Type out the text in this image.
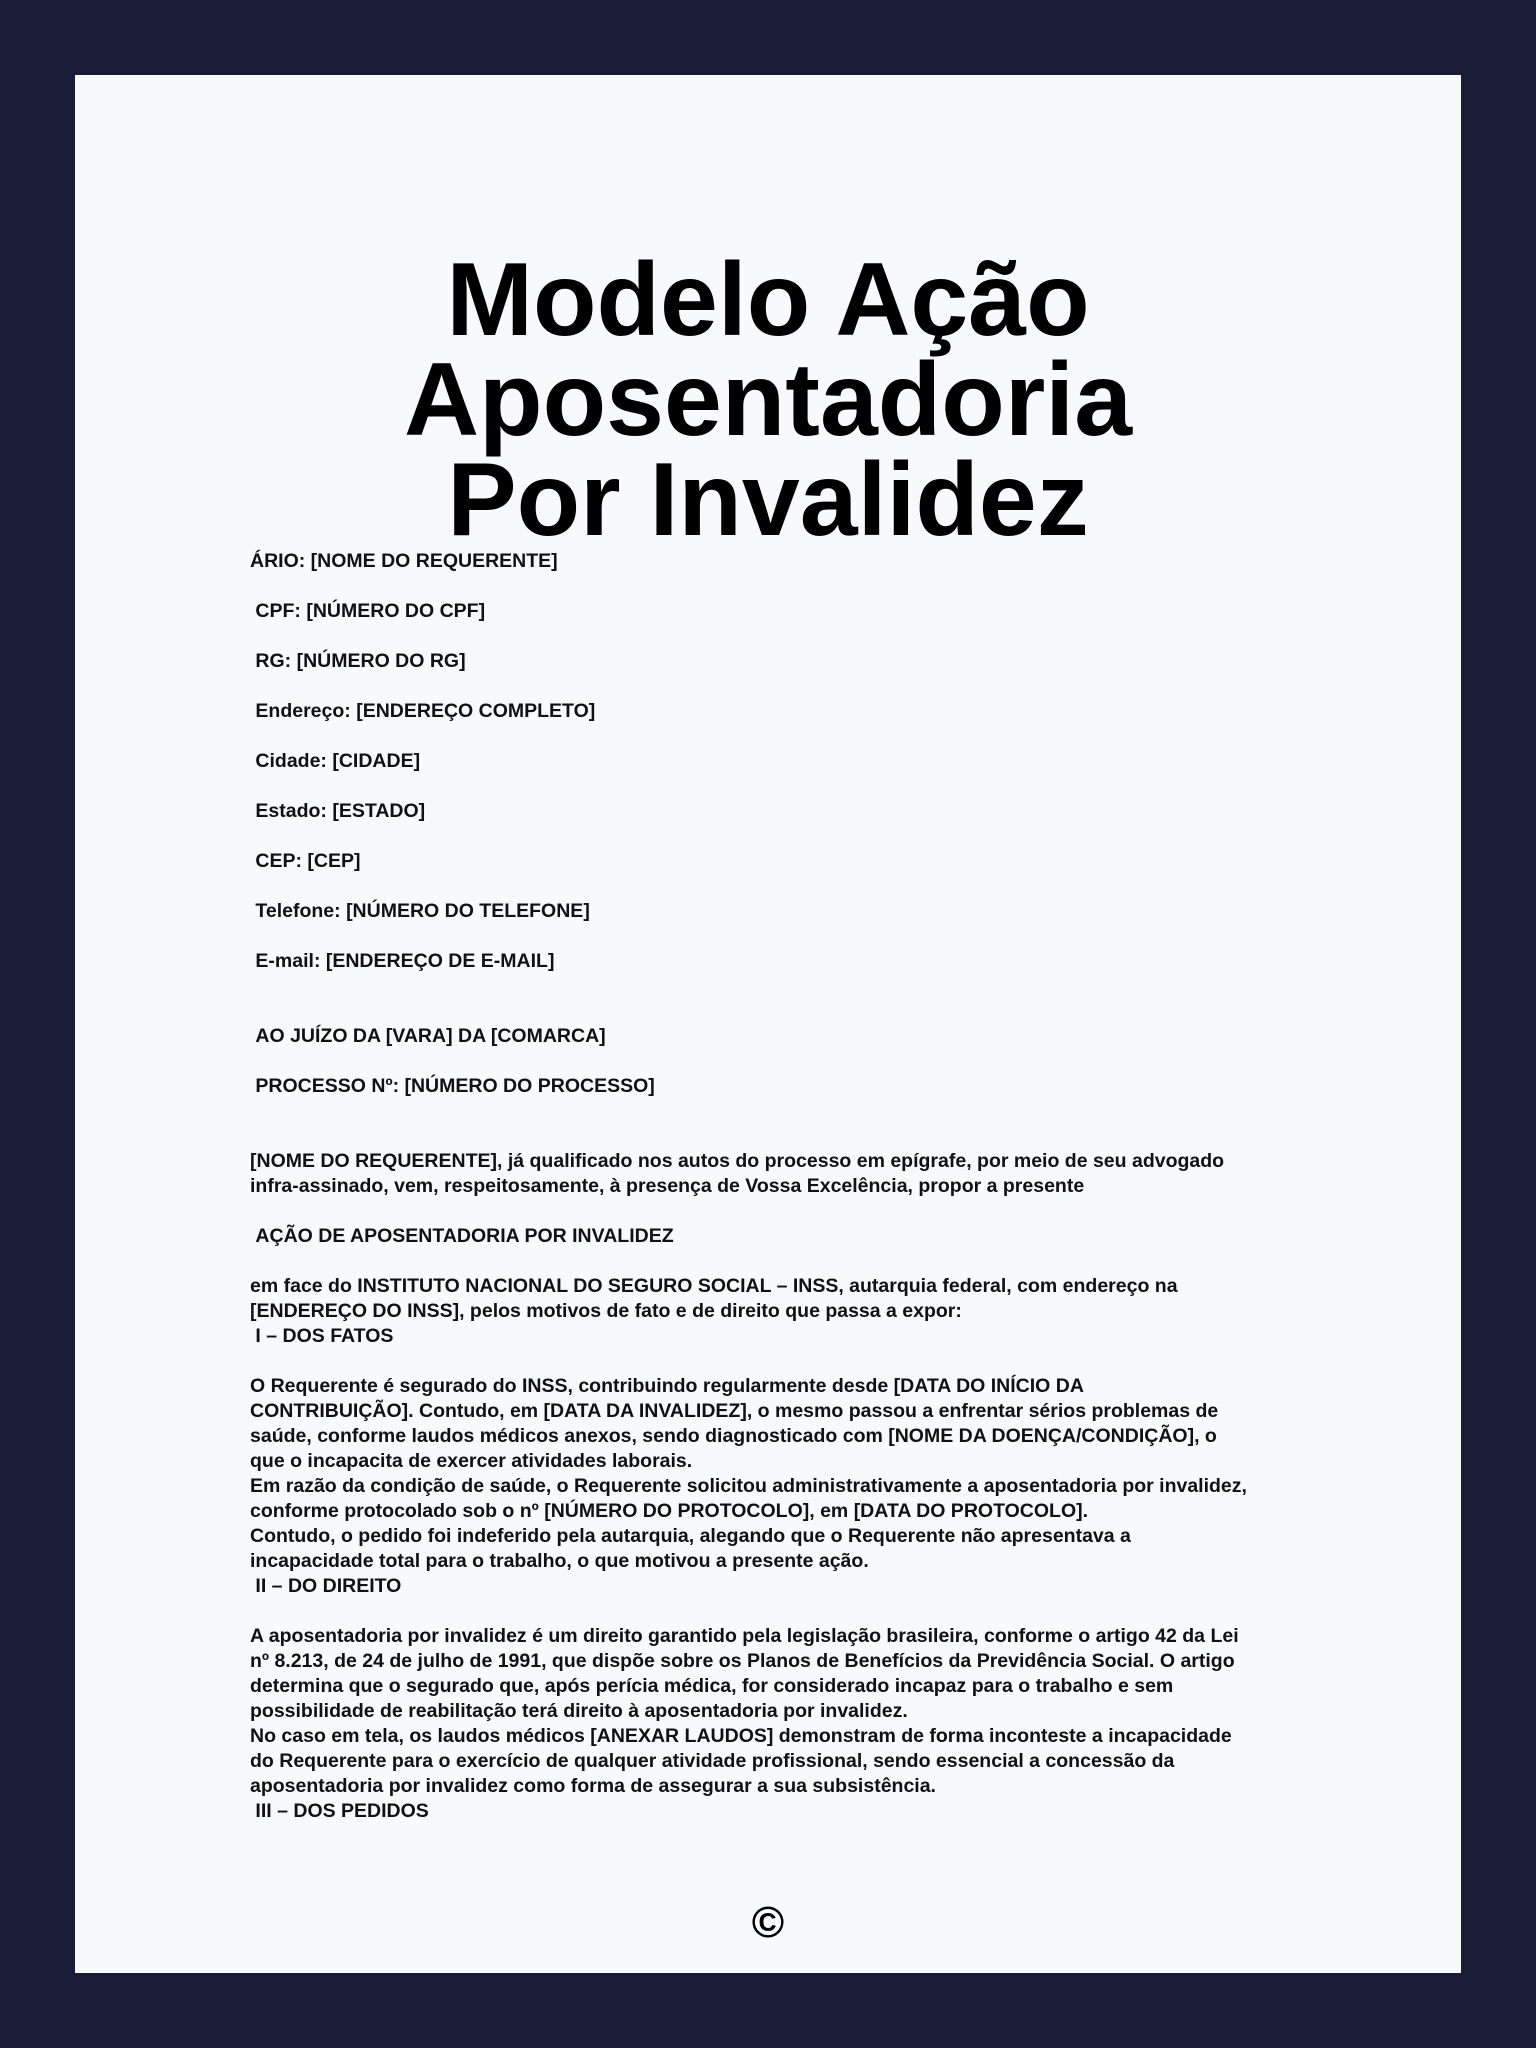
Modelo Ação Aposentadoria
Por Invalidez

ÁRIO: [NOME DO REQUERENTE]

CPF: [NÚMERO DO CPF]

RG: [NÚMERO DO RG]

Endereço: [ENDEREÇO COMPLETO]

Cidade: [CIDADE]

Estado: [ESTADO]

CEP: [CEP]

Telefone: [NÚMERO DO TELEFONE]

E-mail: [ENDEREÇO DE E-MAIL]

AO JUÍZO DA [VARA] DA [COMARCA]

PROCESSO Nº: [NÚMERO DO PROCESSO]

[NOME DO REQUERENTE], já qualificado nos autos do processo em epígrafe, por meio de seu advogado

infra-assinado, vem, respeitosamente, à presença de Vossa Excelência, propor a presente

AÇÃO DE APOSENTADORIA POR INVALIDEZ

em face do INSTITUTO NACIONAL DO SEGURO SOCIAL – INSS, autarquia federal, com endereço na

[ENDEREÇO DO INSS], pelos motivos de fato e de direito que passa a expor:

I – DOS FATOS

O Requerente é segurado do INSS, contribuindo regularmente desde [DATA DO INÍCIO DA

CONTRIBUIÇÃO]. Contudo, em [DATA DA INVALIDEZ], o mesmo passou a enfrentar sérios problemas de

saúde, conforme laudos médicos anexos, sendo diagnosticado com [NOME DA DOENÇA/CONDIÇÃO], o

que o incapacita de exercer atividades laborais.

Em razão da condição de saúde, o Requerente solicitou administrativamente a aposentadoria por invalidez,

conforme protocolado sob o nº [NÚMERO DO PROTOCOLO], em [DATA DO PROTOCOLO].

Contudo, o pedido foi indeferido pela autarquia, alegando que o Requerente não apresentava a

incapacidade total para o trabalho, o que motivou a presente ação.

II – DO DIREITO

A aposentadoria por invalidez é um direito garantido pela legislação brasileira, conforme o artigo 42 da Lei

nº 8.213, de 24 de julho de 1991, que dispõe sobre os Planos de Benefícios da Previdência Social. O artigo

determina que o segurado que, após perícia médica, for considerado incapaz para o trabalho e sem

possibilidade de reabilitação terá direito à aposentadoria por invalidez.

No caso em tela, os laudos médicos [ANEXAR LAUDOS] demonstram de forma inconteste a incapacidade

do Requerente para o exercício de qualquer atividade profissional, sendo essencial a concessão da

aposentadoria por invalidez como forma de assegurar a sua subsistência.

III – DOS PEDIDOS

©
